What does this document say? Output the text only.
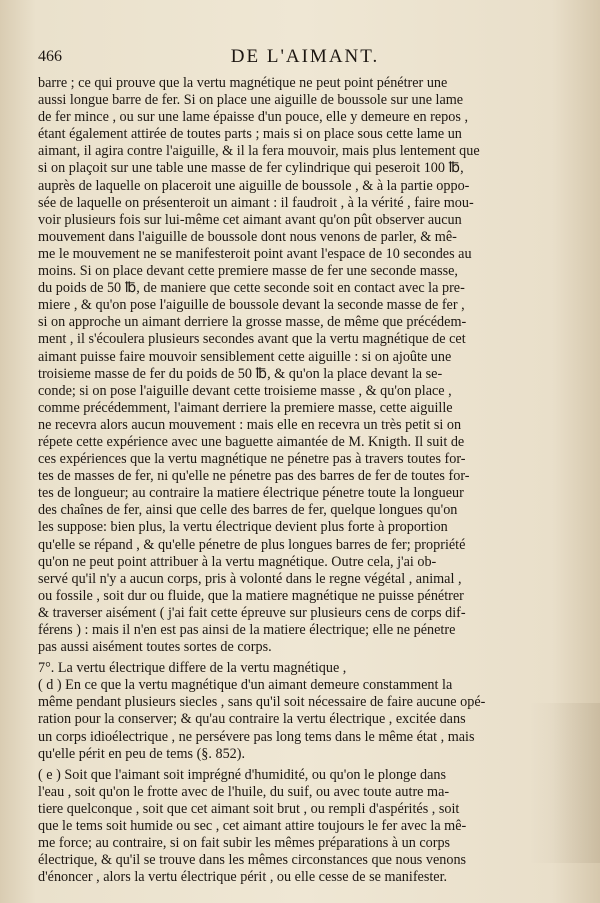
466	DE L'AIMANT.
barre ; ce qui prouve que la vertu magnétique ne peut point pénétrer une
aussi longue barre de fer. Si on place une aiguille de boussole sur une lame
de fer mince , ou sur une lame épaisse d'un pouce, elle y demeure en repos ,
étant également attirée de toutes parts ; mais si on place sous cette lame un
aimant, il agira contre l'aiguille, & il la fera mouvoir, mais plus lentement que
si on plaçoit sur une table une masse de fer cylindrique qui peseroit 100 ℔,
auprès de laquelle on placeroit une aiguille de boussole , & à la partie oppo-
sée de laquelle on présenteroit un aimant : il faudroit , à la vérité , faire mou-
voir plusieurs fois sur lui-même cet aimant avant qu'on pût observer aucun
mouvement dans l'aiguille de boussole dont nous venons de parler, & mê-
me le mouvement ne se manifesteroit point avant l'espace de 10 secondes au
moins. Si on place devant cette premiere masse de fer une seconde masse,
du poids de 50 ℔, de maniere que cette seconde soit en contact avec la pre-
miere , & qu'on pose l'aiguille de boussole devant la seconde masse de fer ,
si on approche un aimant derriere la grosse masse, de même que précédem-
ment , il s'écoulera plusieurs secondes avant que la vertu magnétique de cet
aimant puisse faire mouvoir sensiblement cette aiguille : si on ajoûte une
troisieme masse de fer du poids de 50 ℔, & qu'on la place devant la se-
conde; si on pose l'aiguille devant cette troisieme masse , & qu'on place ,
comme précédemment, l'aimant derriere la premiere masse, cette aiguille
ne recevra alors aucun mouvement : mais elle en recevra un très petit si on
répete cette expérience avec une baguette aimantée de M. Knigth. Il suit de
ces expériences que la vertu magnétique ne pénetre pas à travers toutes for-
tes de masses de fer, ni qu'elle ne pénetre pas des barres de fer de toutes for-
tes de longueur; au contraire la matiere électrique pénetre toute la longueur
des chaînes de fer, ainsi que celle des barres de fer, quelque longues qu'on
les suppose: bien plus, la vertu électrique devient plus forte à proportion
qu'elle se répand , & qu'elle pénetre de plus longues barres de fer; propriété
qu'on ne peut point attribuer à la vertu magnétique. Outre cela, j'ai ob-
servé qu'il n'y a aucun corps, pris à volonté dans le regne végétal , animal ,
ou fossile , soit dur ou fluide, que la matiere magnétique ne puisse pénétrer
& traverser aisément ( j'ai fait cette épreuve sur plusieurs cens de corps dif-
férens ) : mais il n'en est pas ainsi de la matiere électrique; elle ne pénetre
pas aussi aisément toutes sortes de corps.
7°. La vertu électrique differe de la vertu magnétique ,
( d ) En ce que la vertu magnétique d'un aimant demeure constamment la
même pendant plusieurs siecles , sans qu'il soit nécessaire de faire aucune opé-
ration pour la conserver; & qu'au contraire la vertu électrique , excitée dans
un corps idioélectrique , ne persévere pas long tems dans le même état , mais
qu'elle périt en peu de tems (§. 852).
( e ) Soit que l'aimant soit imprégné d'humidité, ou qu'on le plonge dans
l'eau , soit qu'on le frotte avec de l'huile, du suif, ou avec toute autre ma-
tiere quelconque , soit que cet aimant soit brut , ou rempli d'aspérités , soit
que le tems soit humide ou sec , cet aimant attire toujours le fer avec la mê-
me force; au contraire, si on fait subir les mêmes préparations à un corps
électrique, & qu'il se trouve dans les mêmes circonstances que nous venons
d'énoncer , alors la vertu électrique périt , ou elle cesse de se manifester.
